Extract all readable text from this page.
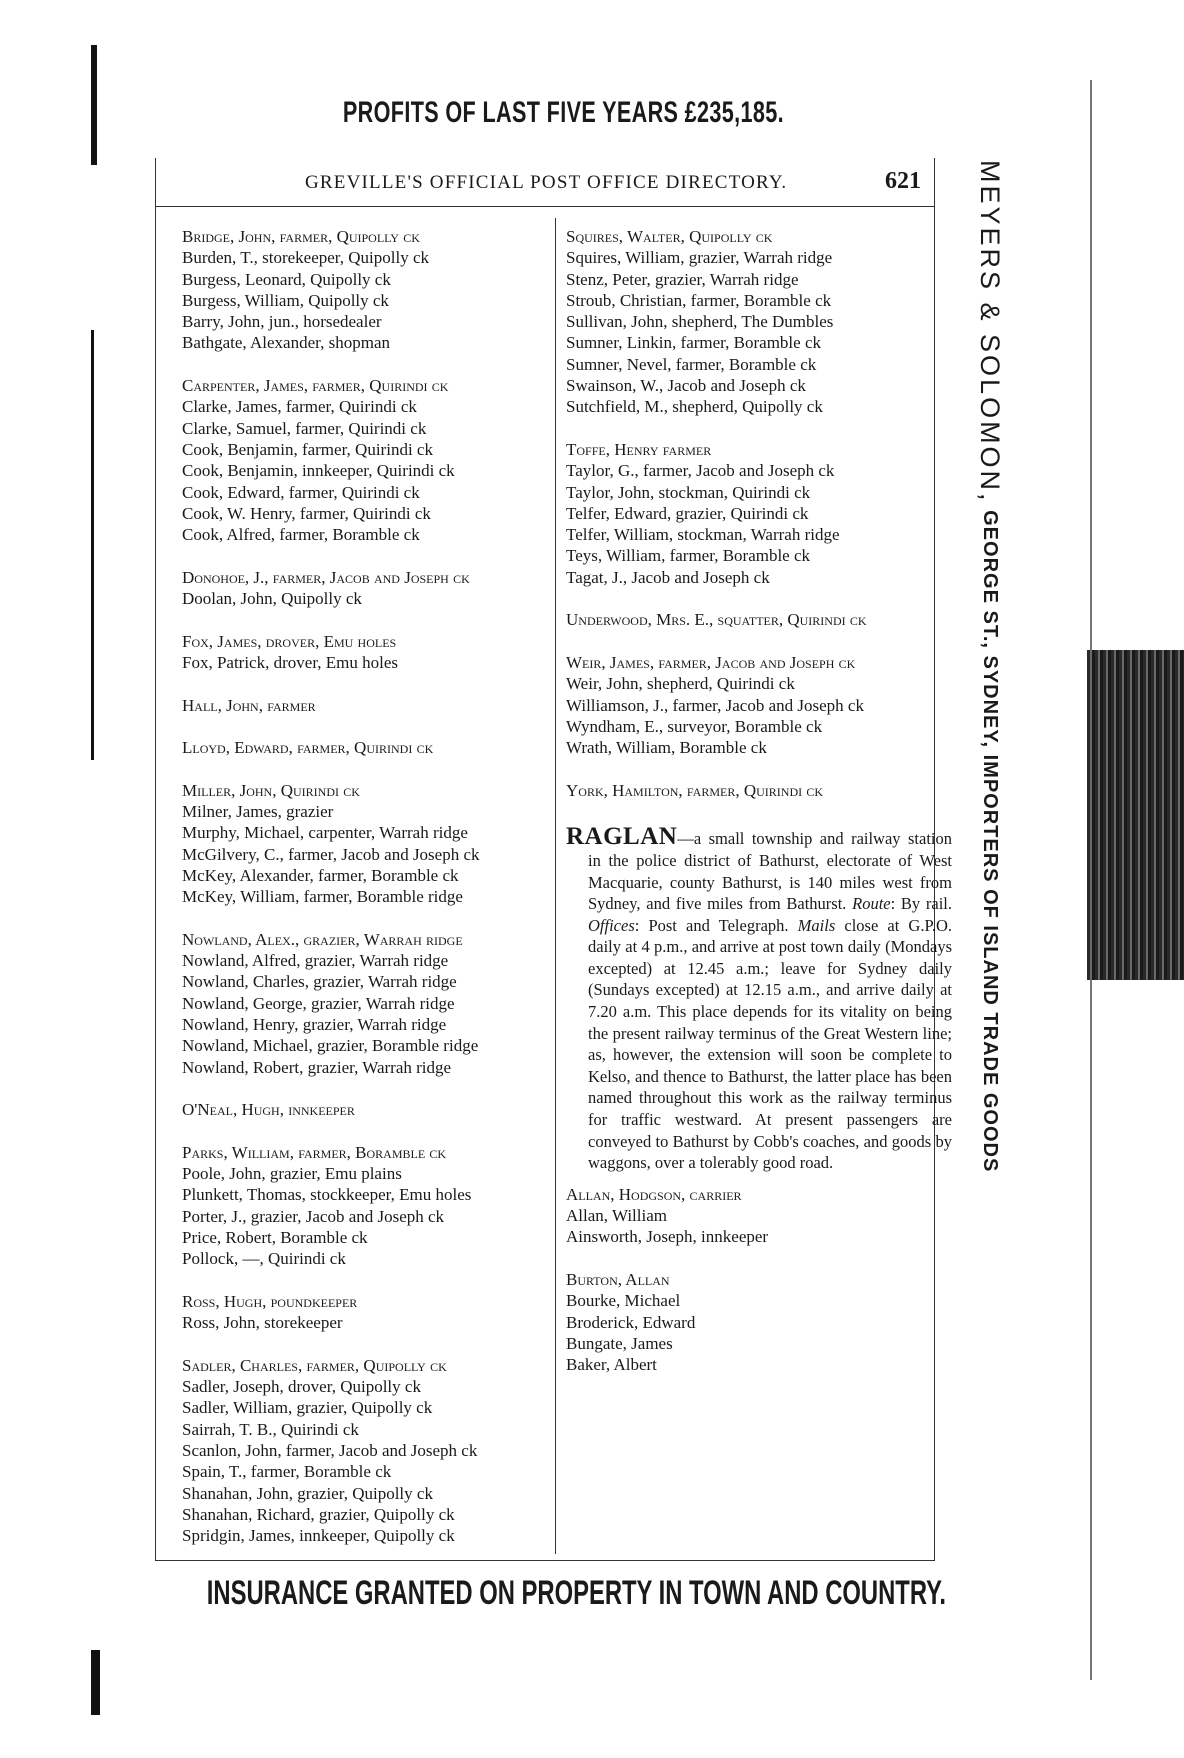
PROFITS OF LAST FIVE YEARS £235,185.
GREVILLE'S OFFICIAL POST OFFICE DIRECTORY.	621
Bridge, John, farmer, Quipolly ck
Burden, T., storekeeper, Quipolly ck
Burgess, Leonard, Quipolly ck
Burgess, William, Quipolly ck
Barry, John, jun., horsedealer
Bathgate, Alexander, shopman
Carpenter, James, farmer, Quirindi ck
Clarke, James, farmer, Quirindi ck
Clarke, Samuel, farmer, Quirindi ck
Cook, Benjamin, farmer, Quirindi ck
Cook, Benjamin, innkeeper, Quirindi ck
Cook, Edward, farmer, Quirindi ck
Cook, W. Henry, farmer, Quirindi ck
Cook, Alfred, farmer, Boramble ck
Donohoe, J., farmer, Jacob and Joseph ck
Doolan, John, Quipolly ck
Fox, James, drover, Emu holes
Fox, Patrick, drover, Emu holes
Hall, John, farmer
Lloyd, Edward, farmer, Quirindi ck
Miller, John, Quirindi ck
Milner, James, grazier
Murphy, Michael, carpenter, Warrah ridge
McGilvery, C., farmer, Jacob and Joseph ck
McKey, Alexander, farmer, Boramble ck
McKey, William, farmer, Boramble ridge
Nowland, Alex., grazier, Warrah ridge
Nowland, Alfred, grazier, Warrah ridge
Nowland, Charles, grazier, Warrah ridge
Nowland, George, grazier, Warrah ridge
Nowland, Henry, grazier, Warrah ridge
Nowland, Michael, grazier, Boramble ridge
Nowland, Robert, grazier, Warrah ridge
O'Neal, Hugh, innkeeper
Parks, William, farmer, Boramble ck
Poole, John, grazier, Emu plains
Plunkett, Thomas, stockkeeper, Emu holes
Porter, J., grazier, Jacob and Joseph ck
Price, Robert, Boramble ck
Pollock, —, Quirindi ck
Ross, Hugh, poundkeeper
Ross, John, storekeeper
Sadler, Charles, farmer, Quipolly ck
Sadler, Joseph, drover, Quipolly ck
Sadler, William, grazier, Quipolly ck
Sairrah, T. B., Quirindi ck
Scanlon, John, farmer, Jacob and Joseph ck
Spain, T., farmer, Boramble ck
Shanahan, John, grazier, Quipolly ck
Shanahan, Richard, grazier, Quipolly ck
Spridgin, James, innkeeper, Quipolly ck
Squires, Walter, Quipolly ck
Squires, William, grazier, Warrah ridge
Stenz, Peter, grazier, Warrah ridge
Stroub, Christian, farmer, Boramble ck
Sullivan, John, shepherd, The Dumbles
Sumner, Linkin, farmer, Boramble ck
Sumner, Nevel, farmer, Boramble ck
Swainson, W., Jacob and Joseph ck
Sutchfield, M., shepherd, Quipolly ck
Toffe, Henry farmer
Taylor, G., farmer, Jacob and Joseph ck
Taylor, John, stockman, Quirindi ck
Telfer, Edward, grazier, Quirindi ck
Telfer, William, stockman, Warrah ridge
Teys, William, farmer, Boramble ck
Tagat, J., Jacob and Joseph ck
Underwood, Mrs. E., squatter, Quirindi ck
Weir, James, farmer, Jacob and Joseph ck
Weir, John, shepherd, Quirindi ck
Williamson, J., farmer, Jacob and Joseph ck
Wyndham, E., surveyor, Boramble ck
Wrath, William, Boramble ck
York, Hamilton, farmer, Quirindi ck
RAGLAN—a small township and railway station in the police district of Bathurst, electorate of West Macquarie, county Bathurst, is 140 miles west from Sydney, and five miles from Bathurst. Route: By rail. Offices: Post and Telegraph. Mails close at G.P.O. daily at 4 p.m., and arrive at post town daily (Mondays excepted) at 12.45 a.m.; leave for Sydney daily (Sundays excepted) at 12.15 a.m., and arrive daily at 7.20 a.m. This place depends for its vitality on being the present railway terminus of the Great Western line; as, however, the extension will soon be complete to Kelso, and thence to Bathurst, the latter place has been named throughout this work as the railway terminus for traffic westward. At present passengers are conveyed to Bathurst by Cobb's coaches, and goods by waggons, over a tolerably good road.
Allan, Hodgson, carrier
Allan, William
Ainsworth, Joseph, innkeeper
Burton, Allan
Bourke, Michael
Broderick, Edward
Bungate, James
Baker, Albert
MEYERS & SOLOMON, GEORGE ST., SYDNEY, IMPORTERS OF ISLAND TRADE GOODS
INSURANCE GRANTED ON PROPERTY IN TOWN AND COUNTRY.
